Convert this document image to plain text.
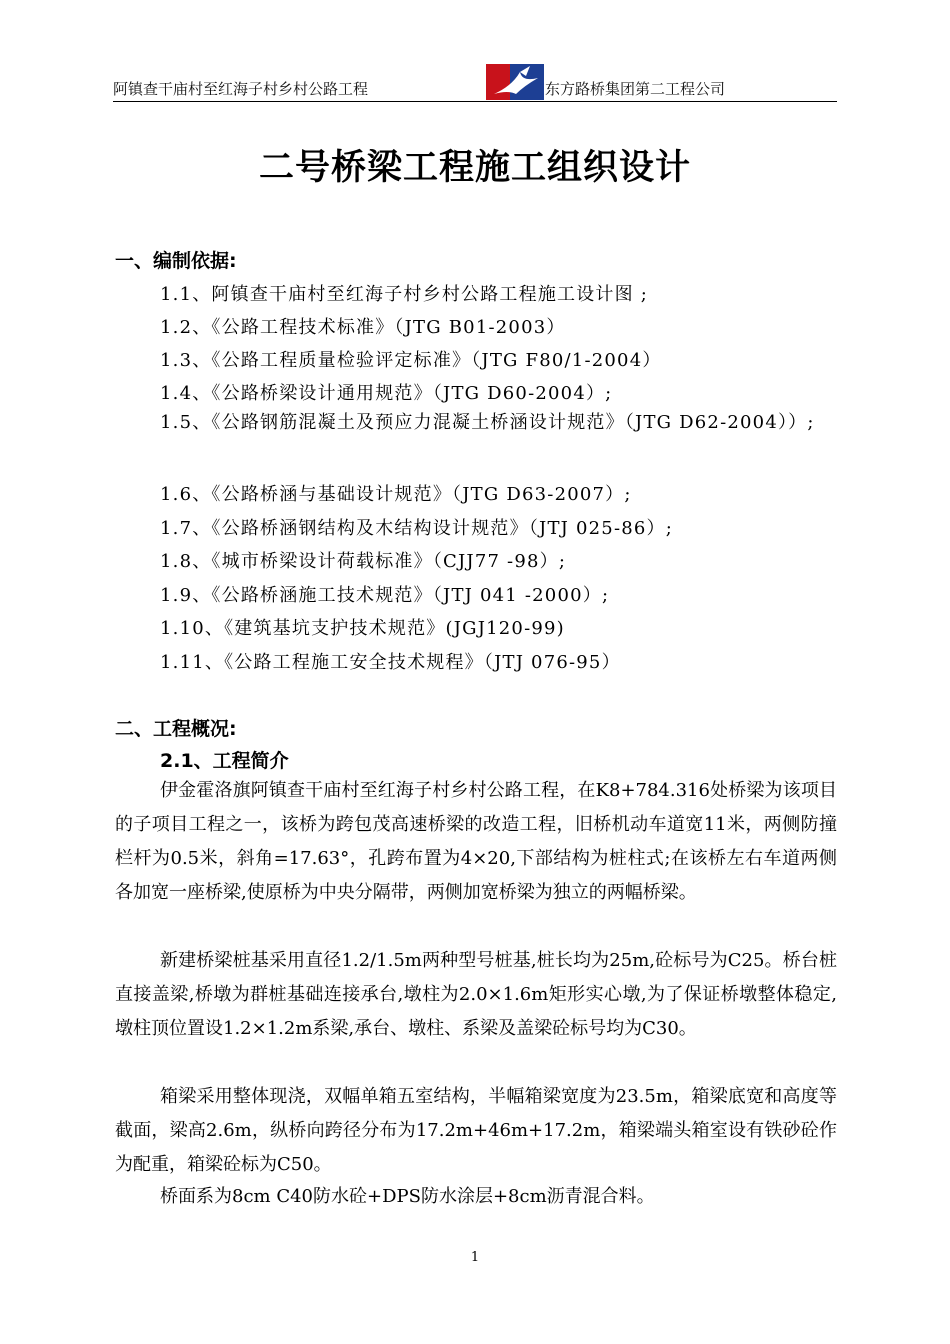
阿镇查干庙村至红海子村乡村公路工程	东方路桥集团第二工程公司
二号桥梁工程施工组织设计
一、编制依据:
1.1、阿镇查干庙村至红海子村乡村公路工程施工设计图 ;
1.2、《公路工程技术标准》（JTG B01-2003）
1.3、《公路工程质量检验评定标准》（JTG F80/1-2004）
1.4、《公路桥梁设计通用规范》（JTG D60-2004）;
1.5、《公路钢筋混凝土及预应力混凝土桥涵设计规范》（JTG D62-2004））;
1.6、《公路桥涵与基础设计规范》（JTG D63-2007）;
1.7、《公路桥涵钢结构及木结构设计规范》（JTJ 025-86）;
1.8、《城市桥梁设计荷载标准》（CJJ77 -98）;
1.9、《公路桥涵施工技术规范》（JTJ 041 -2000）;
1.10、《建筑基坑支护技术规范》(JGJ120-99)
1.11、《公路工程施工安全技术规程》（JTJ 076-95）
二、工程概况:
2.1、工程简介
伊金霍洛旗阿镇查干庙村至红海子村乡村公路工程，在K8+784.316处桥梁为该项目的子项目工程之一，该桥为跨包茂高速桥梁的改造工程，旧桥机动车道宽11米，两侧防撞栏杆为0.5米，斜角=17.63°，孔跨布置为4×20,下部结构为桩柱式;在该桥左右车道两侧各加宽一座桥梁,使原桥为中央分隔带，两侧加宽桥梁为独立的两幅桥梁。
新建桥梁桩基采用直径1.2/1.5m两种型号桩基,桩长均为25m,砼标号为C25。桥台桩直接盖梁,桥墩为群桩基础连接承台,墩柱为2.0×1.6m矩形实心墩,为了保证桥墩整体稳定,墩柱顶位置设1.2×1.2m系梁,承台、墩柱、系梁及盖梁砼标号均为C30。
箱梁采用整体现浇，双幅单箱五室结构，半幅箱梁宽度为23.5m，箱梁底宽和高度等截面，梁高2.6m，纵桥向跨径分布为17.2m+46m+17.2m，箱梁端头箱室设有铁砂砼作为配重，箱梁砼标为C50。
桥面系为8cm C40防水砼+DPS防水涂层+8cm沥青混合料。
1
